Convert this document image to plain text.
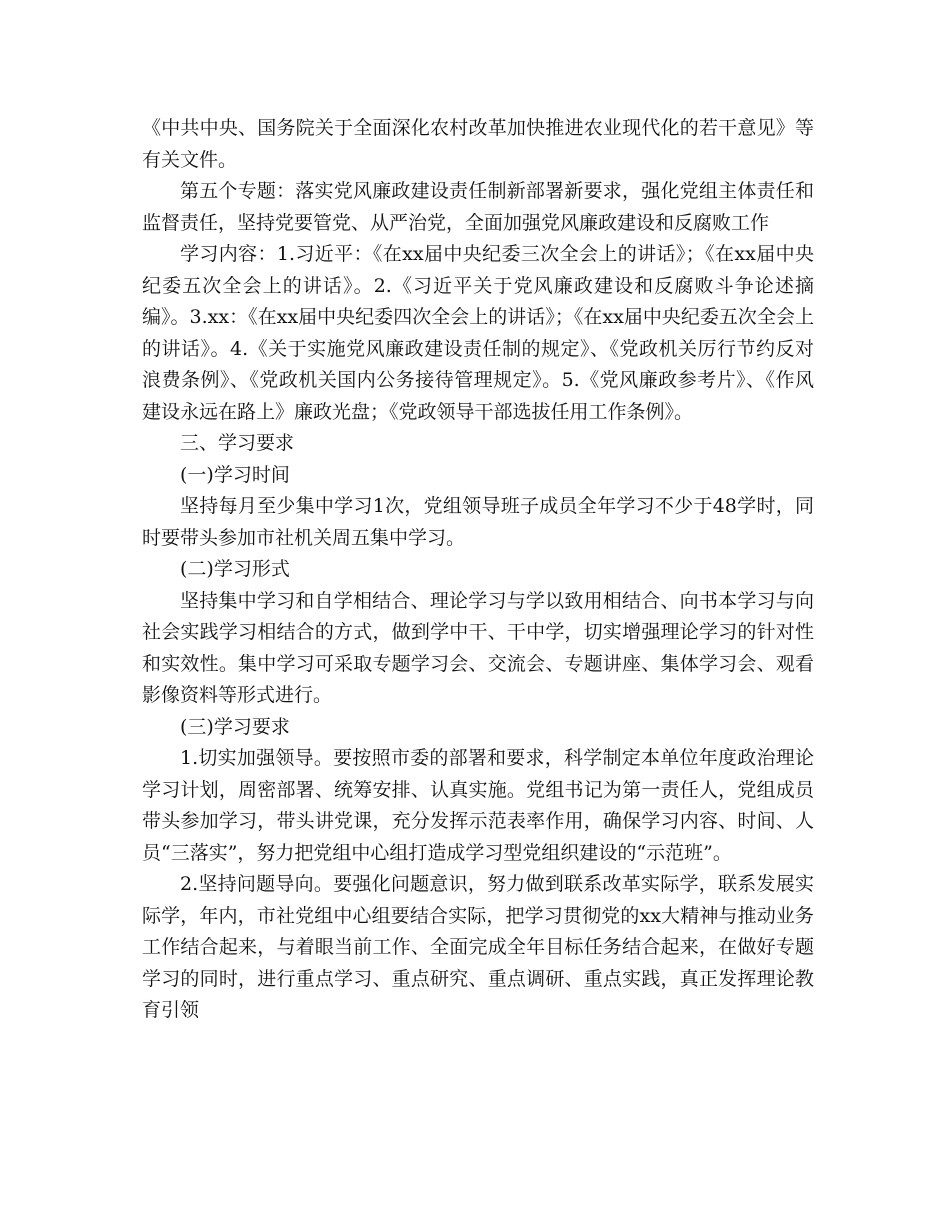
《中共中央、国务院关于全面深化农村改革加快推进农业现代化的若干意见》等有关文件。

第五个专题：落实党风廉政建设责任制新部署新要求，强化党组主体责任和监督责任，坚持党要管党、从严治党，全面加强党风廉政建设和反腐败工作

学习内容：1.习近平：《在xx届中央纪委三次全会上的讲话》；《在xx届中央纪委五次全会上的讲话》。2.《习近平关于党风廉政建设和反腐败斗争论述摘编》。3.xx：《在xx届中央纪委四次全会上的讲话》；《在xx届中央纪委五次全会上的讲话》。4.《关于实施党风廉政建设责任制的规定》、《党政机关厉行节约反对浪费条例》、《党政机关国内公务接待管理规定》。5.《党风廉政参考片》、《作风建设永远在路上》廉政光盘；《党政领导干部选拔任用工作条例》。

三、学习要求

(一)学习时间

坚持每月至少集中学习1次，党组领导班子成员全年学习不少于48学时，同时要带头参加市社机关周五集中学习。

(二)学习形式

坚持集中学习和自学相结合、理论学习与学以致用相结合、向书本学习与向社会实践学习相结合的方式，做到学中干、干中学，切实增强理论学习的针对性和实效性。集中学习可采取专题学习会、交流会、专题讲座、集体学习会、观看影像资料等形式进行。

(三)学习要求

1.切实加强领导。要按照市委的部署和要求，科学制定本单位年度政治理论学习计划，周密部署、统筹安排、认真实施。党组书记为第一责任人，党组成员带头参加学习，带头讲党课，充分发挥示范表率作用，确保学习内容、时间、人员“三落实”，努力把党组中心组打造成学习型党组织建设的“示范班”。

2.坚持问题导向。要强化问题意识，努力做到联系改革实际学，联系发展实际学，年内，市社党组中心组要结合实际，把学习贯彻党的xx大精神与推动业务工作结合起来，与着眼当前工作、全面完成全年目标任务结合起来，在做好专题学习的同时，进行重点学习、重点研究、重点调研、重点实践，真正发挥理论教育引领
